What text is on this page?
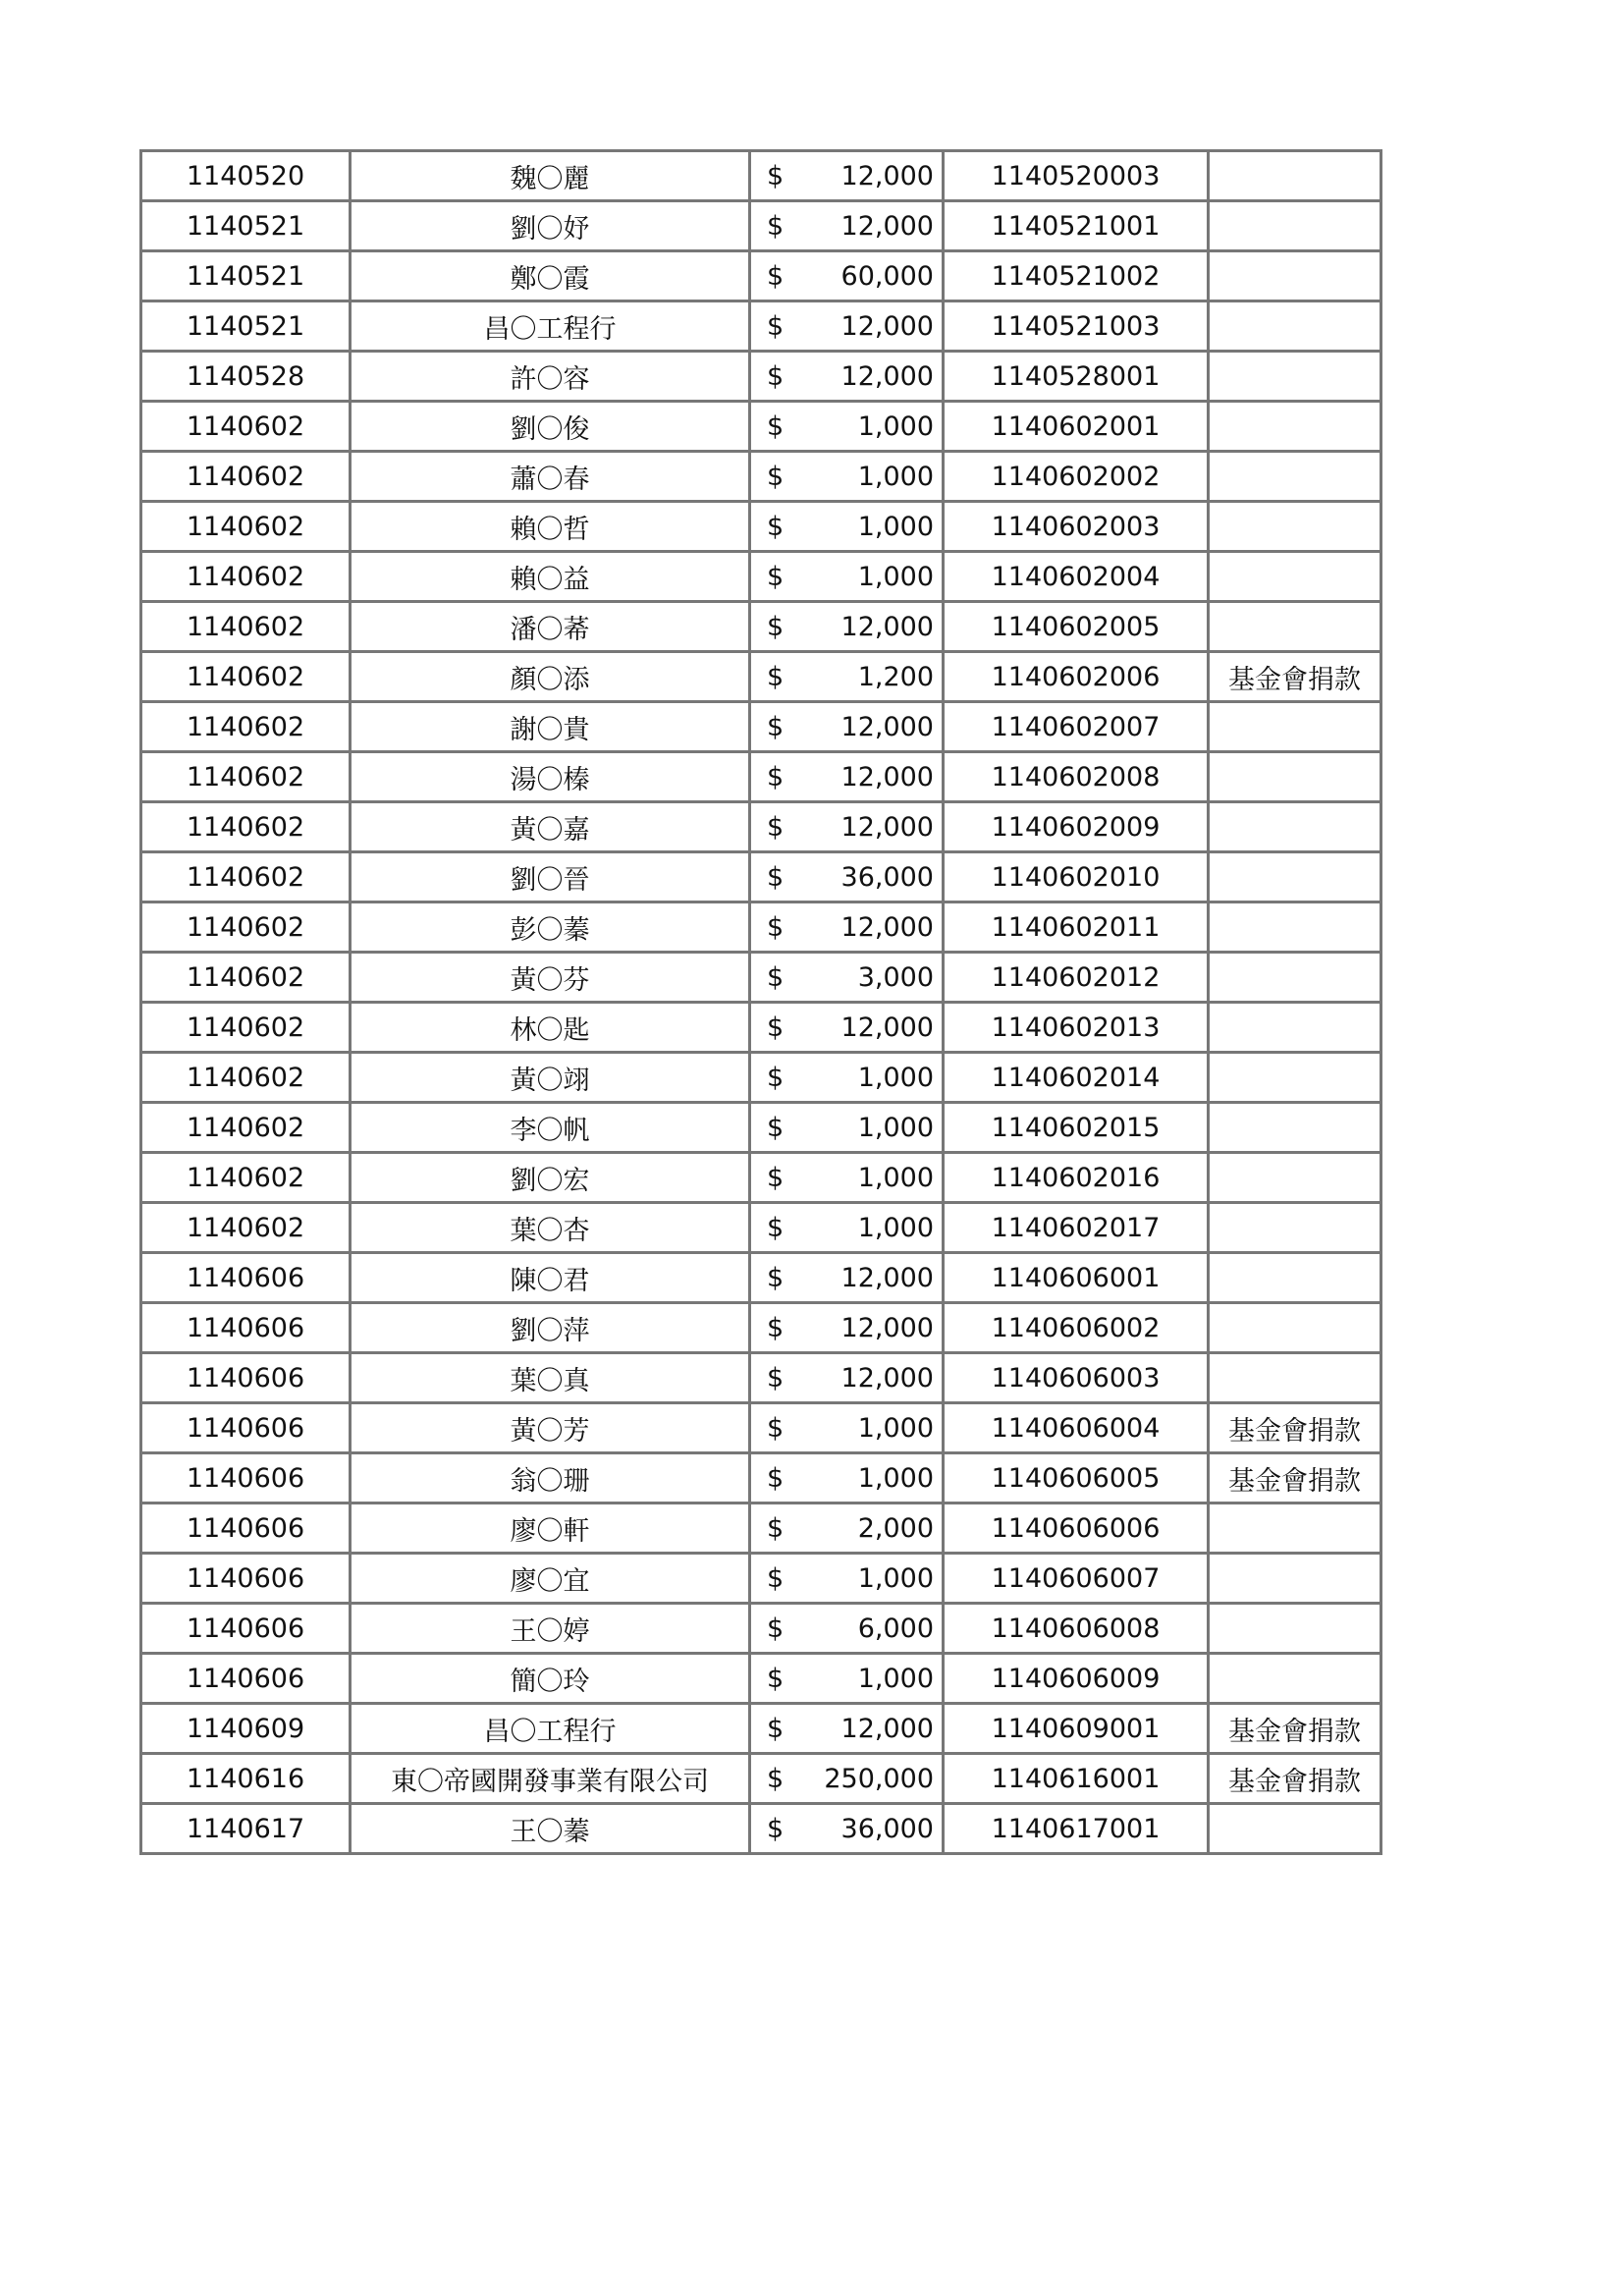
1140520	魏〇麗	$ 12,000	1140520003	
1140521	劉〇妤	$ 12,000	1140521001	
1140521	鄭〇霞	$ 60,000	1140521002	
1140521	昌〇工程行	$ 12,000	1140521003	
1140528	許〇容	$ 12,000	1140528001	
1140602	劉〇俊	$ 1,000	1140602001	
1140602	蕭〇春	$ 1,000	1140602002	
1140602	賴〇哲	$ 1,000	1140602003	
1140602	賴〇益	$ 1,000	1140602004	
1140602	潘〇莃	$ 12,000	1140602005	
1140602	顏〇添	$ 1,200	1140602006	基金會捐款
1140602	謝〇貴	$ 12,000	1140602007	
1140602	湯〇榛	$ 12,000	1140602008	
1140602	黃〇嘉	$ 12,000	1140602009	
1140602	劉〇晉	$ 36,000	1140602010	
1140602	彭〇蓁	$ 12,000	1140602011	
1140602	黃〇芬	$ 3,000	1140602012	
1140602	林〇匙	$ 12,000	1140602013	
1140602	黃〇翊	$ 1,000	1140602014	
1140602	李〇帆	$ 1,000	1140602015	
1140602	劉〇宏	$ 1,000	1140602016	
1140602	葉〇杏	$ 1,000	1140602017	
1140606	陳〇君	$ 12,000	1140606001	
1140606	劉〇萍	$ 12,000	1140606002	
1140606	葉〇真	$ 12,000	1140606003	
1140606	黃〇芳	$ 1,000	1140606004	基金會捐款
1140606	翁〇珊	$ 1,000	1140606005	基金會捐款
1140606	廖〇軒	$ 2,000	1140606006	
1140606	廖〇宜	$ 1,000	1140606007	
1140606	王〇婷	$ 6,000	1140606008	
1140606	簡〇玲	$ 1,000	1140606009	
1140609	昌〇工程行	$ 12,000	1140609001	基金會捐款
1140616	東〇帝國開發事業有限公司	$ 250,000	1140616001	基金會捐款
1140617	王〇蓁	$ 36,000	1140617001	
